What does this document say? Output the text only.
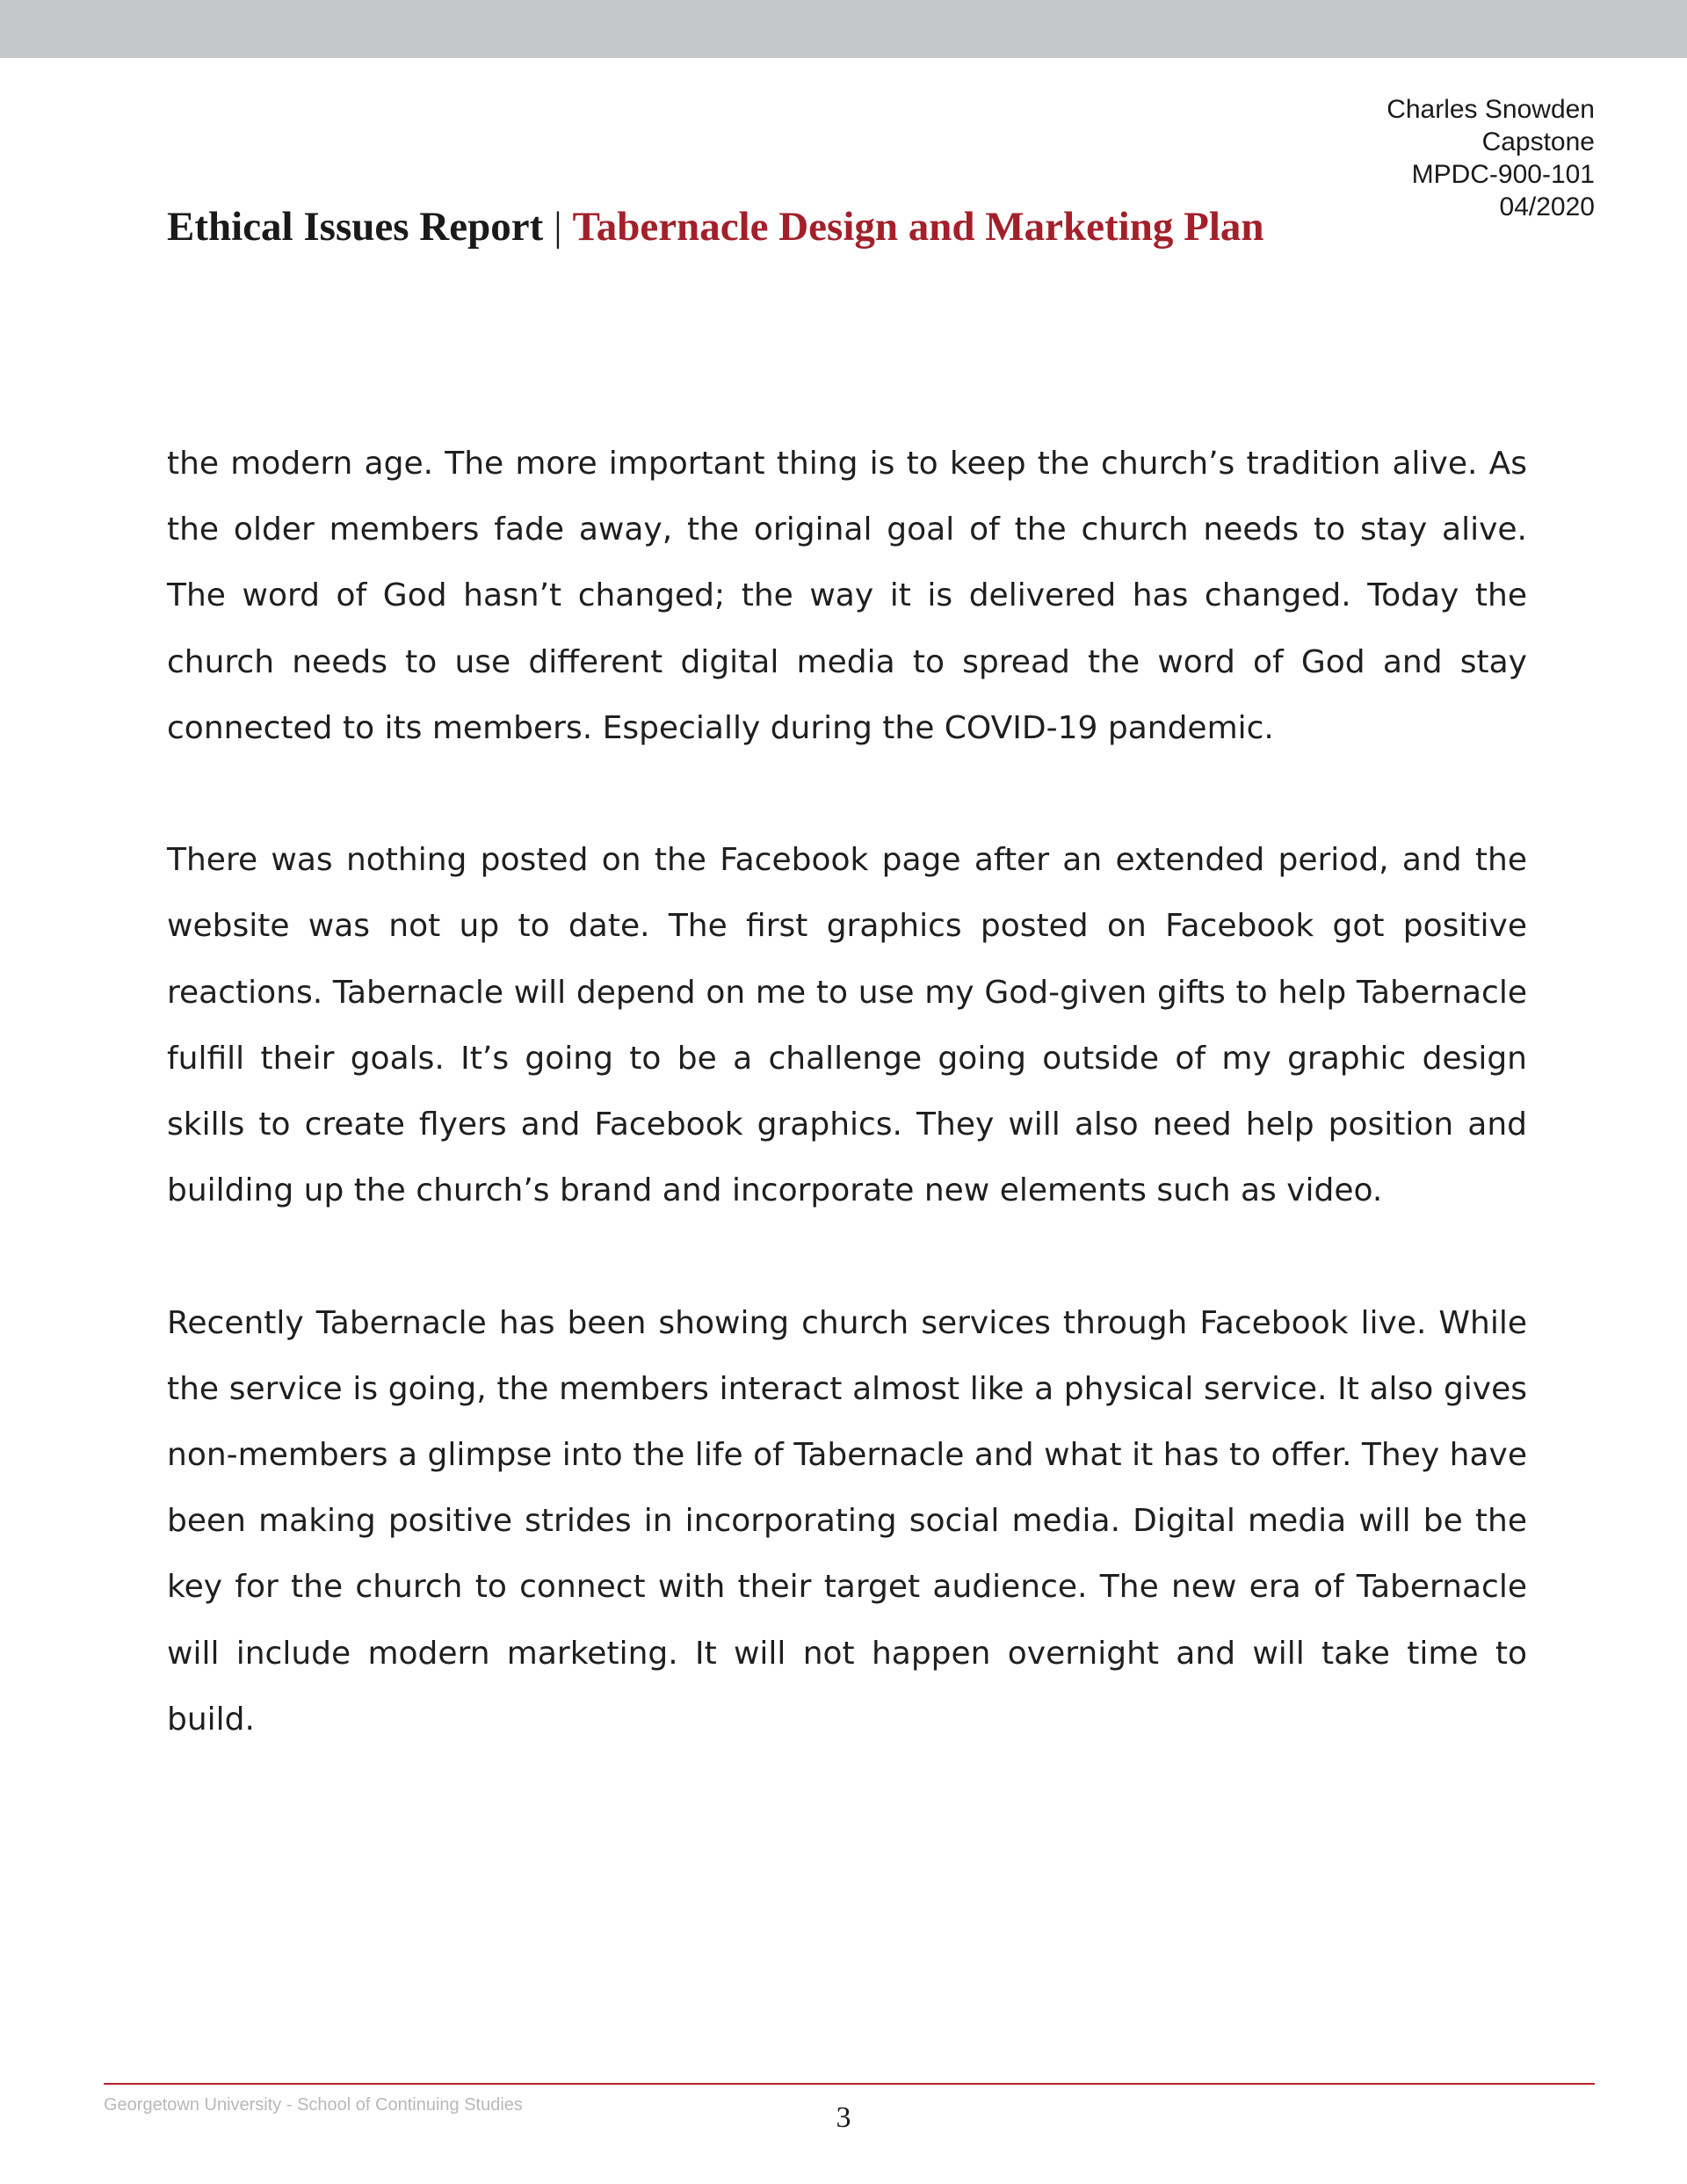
Charles Snowden
Capstone
MPDC-900-101
04/2020
Ethical Issues Report | Tabernacle Design and Marketing Plan

the modern age. The more important thing is to keep the church’s tradition alive. As the older members fade away, the original goal of the church needs to stay alive. The word of God hasn’t changed; the way it is delivered has changed. Today the church needs to use different digital media to spread the word of God and stay connected to its members. Especially during the COVID-19 pandemic.

There was nothing posted on the Facebook page after an extended period, and the website was not up to date. The first graphics posted on Facebook got positive reactions. Tabernacle will depend on me to use my God-given gifts to help Tabernacle fulfill their goals. It’s going to be a challenge going outside of my graphic design skills to create flyers and Facebook graphics. They will also need help position and building up the church’s brand and incorporate new elements such as video.

Recently Tabernacle has been showing church services through Facebook live. While the service is going, the members interact almost like a physical service. It also gives non-members a glimpse into the life of Tabernacle and what it has to offer. They have been making positive strides in incorporating social media. Digital media will be the key for the church to connect with their target audience. The new era of Tabernacle will include modern marketing. It will not happen overnight and will take time to build.

Georgetown University - School of Continuing Studies	3
